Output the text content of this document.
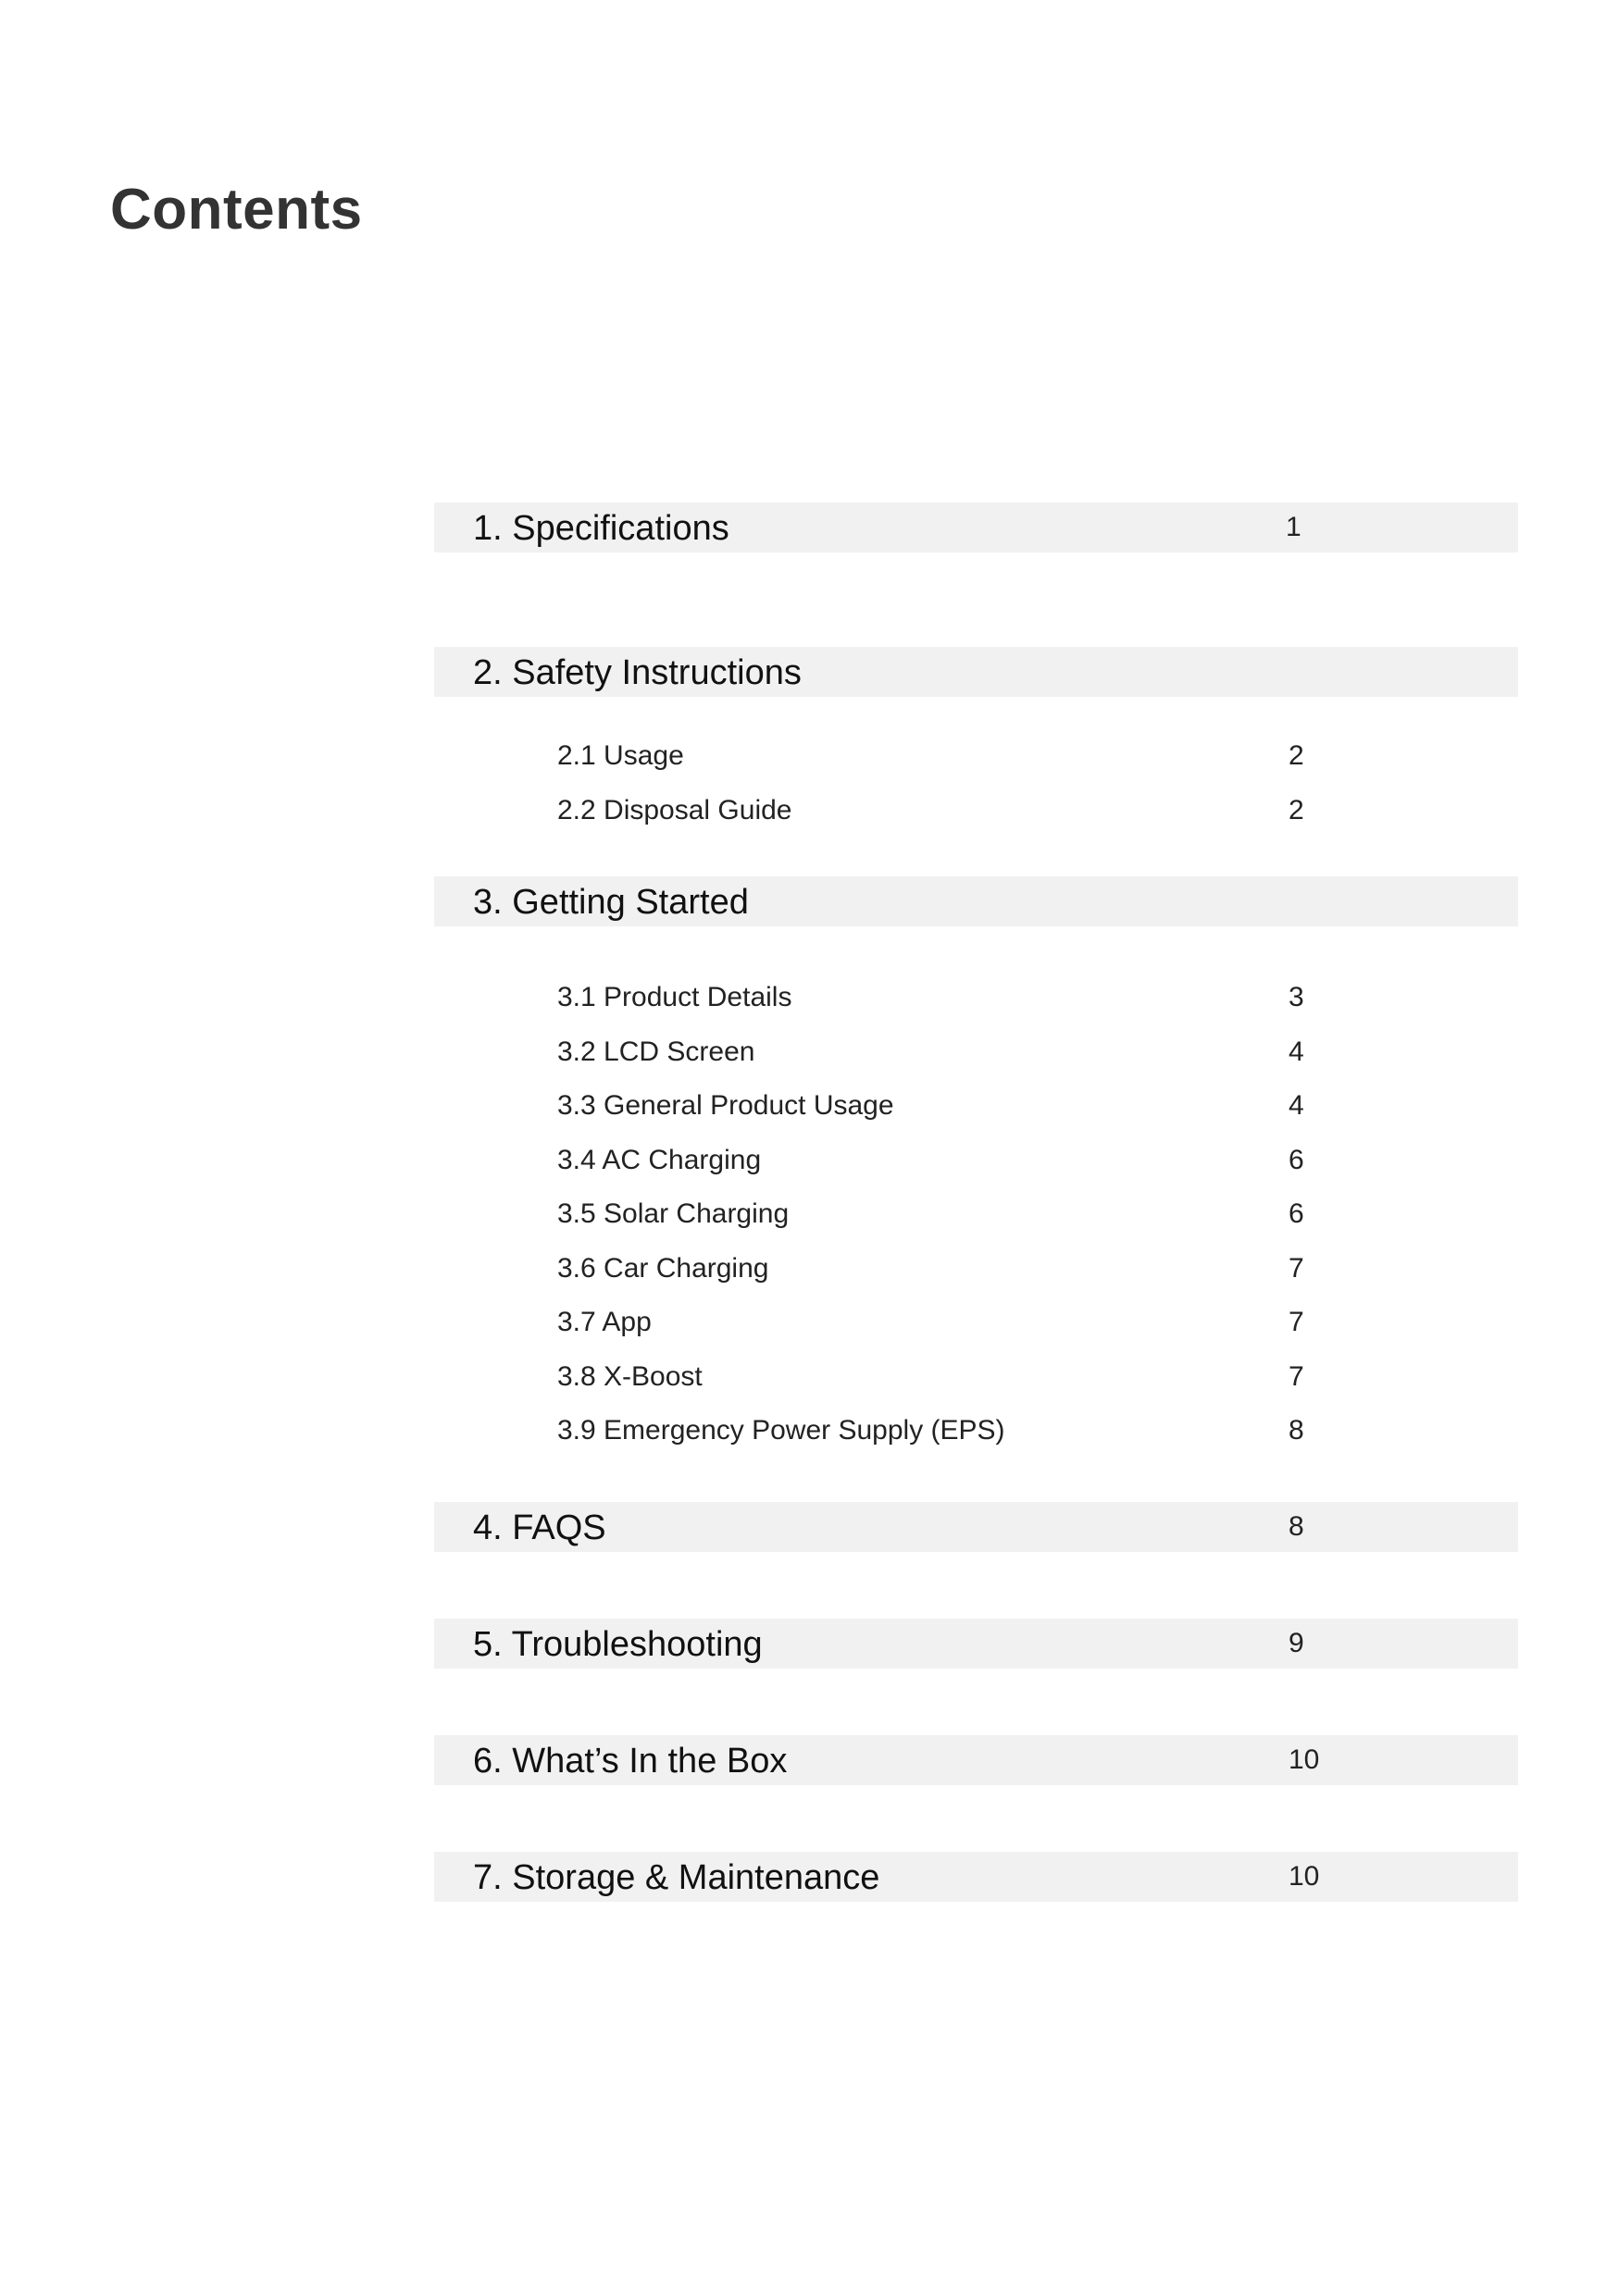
Contents
1. Specifications	1
2. Safety Instructions
2.1 Usage	2
2.2 Disposal Guide	2
3. Getting Started
3.1 Product Details	3
3.2 LCD Screen	4
3.3 General Product Usage	4
3.4 AC Charging	6
3.5 Solar Charging	6
3.6 Car Charging	7
3.7 App	7
3.8 X-Boost	7
3.9 Emergency Power Supply (EPS)	8
4. FAQS	8
5. Troubleshooting	9
6. What’s In the Box	10
7. Storage & Maintenance	10
